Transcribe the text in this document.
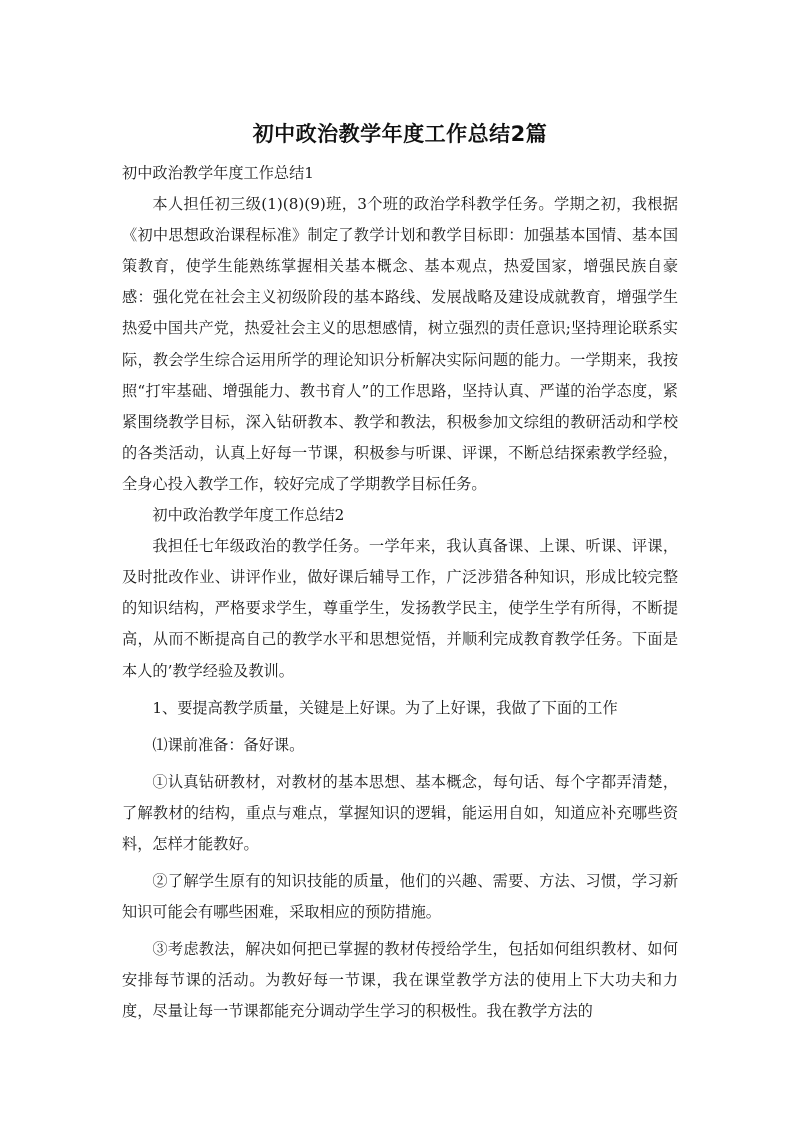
初中政治教学年度工作总结2篇

初中政治教学年度工作总结1

本人担任初三级(1)(8)(9)班，3个班的政治学科教学任务。学期之初，我根据《初中思想政治课程标准》制定了教学计划和教学目标即：加强基本国情、基本国策教育，使学生能熟练掌握相关基本概念、基本观点，热爱国家，增强民族自豪感：强化党在社会主义初级阶段的基本路线、发展战略及建设成就教育，增强学生热爱中国共产党，热爱社会主义的思想感情，树立强烈的责任意识;坚持理论联系实际，教会学生综合运用所学的理论知识分析解决实际问题的能力。一学期来，我按照“打牢基础、增强能力、教书育人”的工作思路，坚持认真、严谨的治学态度，紧紧围绕教学目标，深入钻研教本、教学和教法，积极参加文综组的教研活动和学校的各类活动，认真上好每一节课，积极参与听课、评课，不断总结探索教学经验，全身心投入教学工作，较好完成了学期教学目标任务。

初中政治教学年度工作总结2

我担任七年级政治的教学任务。一学年来，我认真备课、上课、听课、评课，及时批改作业、讲评作业，做好课后辅导工作，广泛涉猎各种知识，形成比较完整的知识结构，严格要求学生，尊重学生，发扬教学民主，使学生学有所得，不断提高，从而不断提高自己的教学水平和思想觉悟，并顺利完成教育教学任务。下面是本人的’教学经验及教训。

1、要提高教学质量，关键是上好课。为了上好课，我做了下面的工作

⑴课前准备：备好课。

①认真钻研教材，对教材的基本思想、基本概念，每句话、每个字都弄清楚，了解教材的结构，重点与难点，掌握知识的逻辑，能运用自如，知道应补充哪些资料，怎样才能教好。

②了解学生原有的知识技能的质量，他们的兴趣、需要、方法、习惯，学习新知识可能会有哪些困难，采取相应的预防措施。

③考虑教法，解决如何把已掌握的教材传授给学生，包括如何组织教材、如何安排每节课的活动。为教好每一节课，我在课堂教学方法的使用上下大功夫和力度，尽量让每一节课都能充分调动学生学习的积极性。我在教学方法的
